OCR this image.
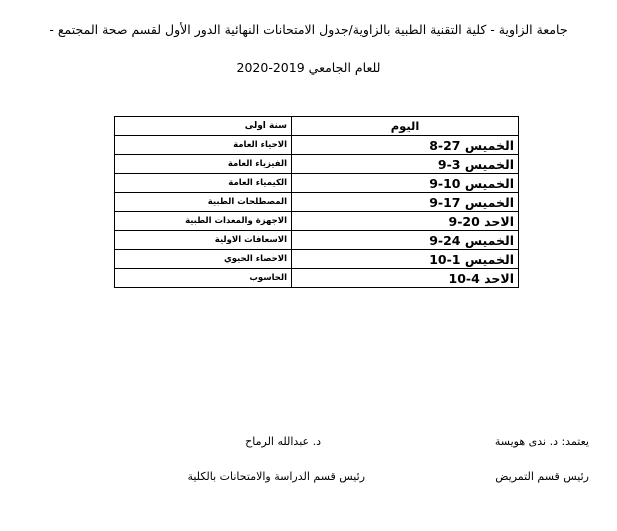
جامعة الزاوية - كلية التقنية الطبية بالزاوية/جدول الامتحانات النهائية الدور الأول لقسم صحة المجتمع -
للعام الجامعي 2019-2020
اليوم	سنة اولى
الخميس 27-8	الاحياء العامة
الخميس 3-9	الفيزياء العامة
الخميس 10-9	الكيمياء العامة
الخميس 17-9	المصطلحات الطبية
الاحد 20-9	الاجهزة والمعدات الطبية
الخميس 24-9	الاسعافات الاولية
الخميس 1-10	الاحصاء الحيوي
الاحد 4-10	الحاسوب
يعتمد: د. ندى هويسة
د. عبدالله الرماح
رئيس قسم التمريض
رئيس قسم الدراسة والامتحانات بالكلية
